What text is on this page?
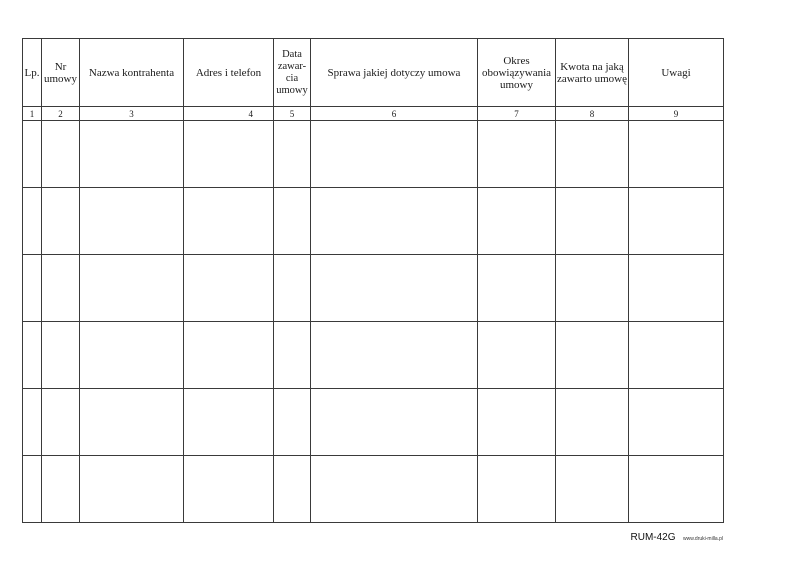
Lp.	Nr umowy	Nazwa kontrahenta	Adres i telefon	Data zawar-cia umowy	Sprawa jakiej dotyczy umowa	Okres obowiązywania umowy	Kwota na jaką zawarto umowę	Uwagi
1	2	3	4	5	6	7	8	9

RUM-42G www.druki-milla.pl
